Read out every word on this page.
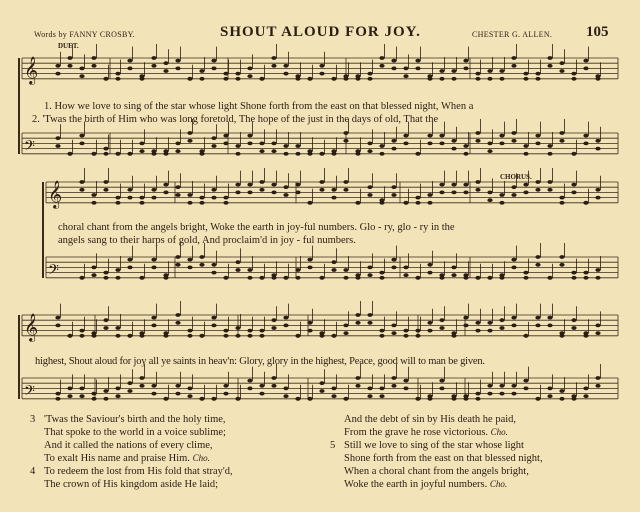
Words by FANNY CROSBY.	SHOUT ALOUD FOR JOY.	CHESTER G. ALLEN. 105
DUET.
CHORUS.
𝄞
𝄢
𝄞
𝄢
𝄞
𝄢
1. How we love to sing of the star whose light Shone forth from the east on that blessed night, When a
2. 'Twas the birth of Him who was long foretold, The hope of the just in the days of old, That the
choral chant from the angels bright, Woke the earth in joy-ful numbers. Glo - ry, glo - ry in the
angels sang to their harps of gold, And proclaim'd in joy - ful numbers.
highest, Shout aloud for joy all ye saints in heav'n: Glory, glory in the highest, Peace, good will to man be given.
3 'Twas the Saviour's birth and the holy time,
That spoke to the world in a voice sublime;
And it called the nations of every clime,
To exalt His name and praise Him. Cho.
4 To redeem the lost from His fold that stray'd,
The crown of His kingdom aside He laid;
And the debt of sin by His death he paid,
From the grave he rose victorious. Cho.
5 Still we love to sing of the star whose light
Shone forth from the east on that blessed night,
When a choral chant from the angels bright,
Woke the earth in joyful numbers. Cho.
